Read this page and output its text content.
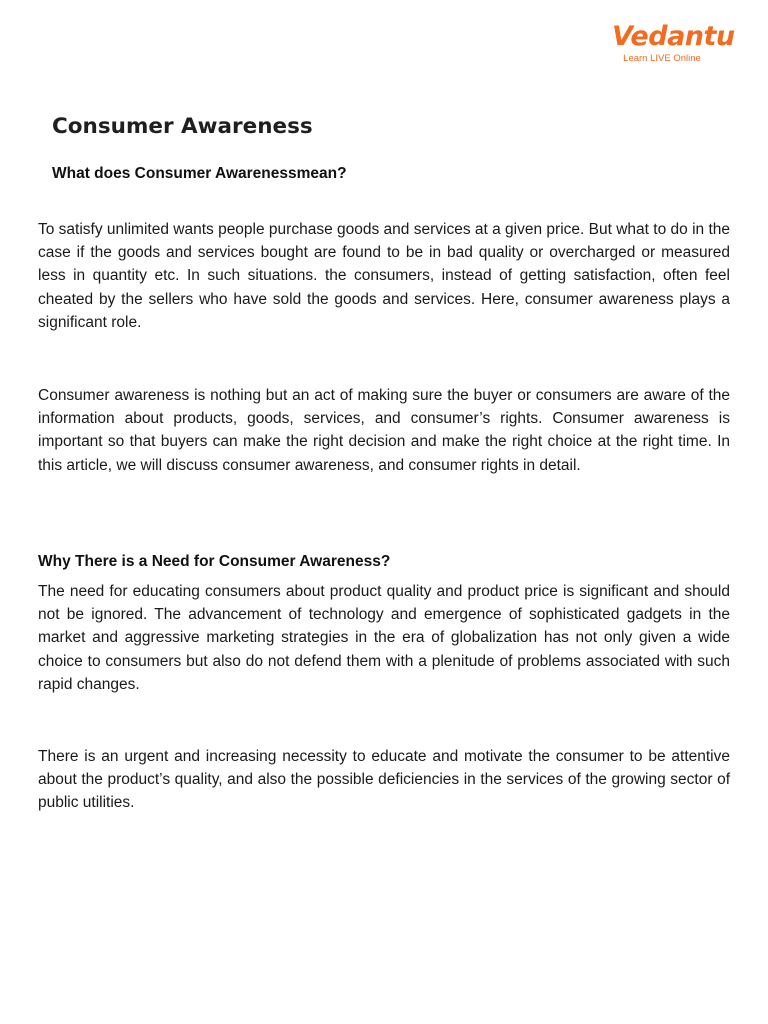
Vedantu
Learn LIVE Online
Consumer Awareness
What does Consumer Awarenessmean?

To satisfy unlimited wants people purchase goods and services at a given price. But what to do in the case if the goods and services bought are found to be in bad quality or overcharged or measured less in quantity etc. In such situations. the consumers, instead of getting satisfaction, often feel cheated by the sellers who have sold the goods and services. Here, consumer awareness plays a significant role.

Consumer awareness is nothing but an act of making sure the buyer or consumers are aware of the information about products, goods, services, and consumer’s rights. Consumer awareness is important so that buyers can make the right decision and make the right choice at the right time. In this article, we will discuss consumer awareness, and consumer rights in detail.

Why There is a Need for Consumer Awareness?

The need for educating consumers about product quality and product price is significant and should not be ignored. The advancement of technology and emergence of sophisticated gadgets in the market and aggressive marketing strategies in the era of globalization has not only given a wide choice to consumers but also do not defend them with a plenitude of problems associated with such rapid changes.

There is an urgent and increasing necessity to educate and motivate the consumer to be attentive about the product’s quality, and also the possible deficiencies in the services of the growing sector of public utilities.
